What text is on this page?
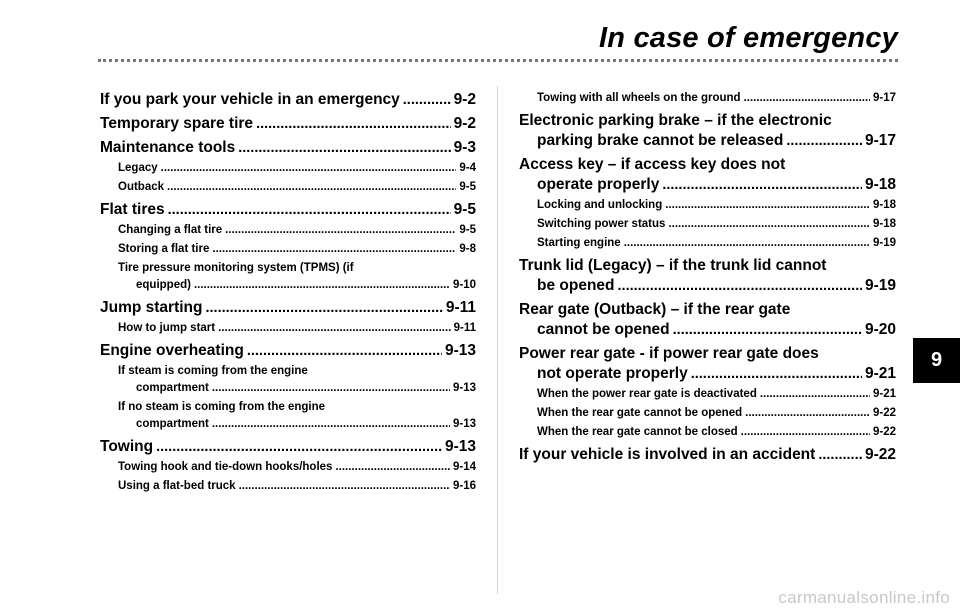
In case of emergency
If you park your vehicle in an emergency .....	9-2
Temporary spare tire .....	9-2
Maintenance tools .....	9-3
Legacy .....	9-4
Outback .....	9-5
Flat tires .....	9-5
Changing a flat tire .....	9-5
Storing a flat tire .....	9-8
Tire pressure monitoring system (TPMS) (if
equipped) .....	9-10
Jump starting .....	9-11
How to jump start .....	9-11
Engine overheating .....	9-13
If steam is coming from the engine
compartment .....	9-13
If no steam is coming from the engine
compartment .....	9-13
Towing .....	9-13
Towing hook and tie-down hooks/holes .....	9-14
Using a flat-bed truck .....	9-16
Towing with all wheels on the ground .....	9-17
Electronic parking brake – if the electronic
parking brake cannot be released .....	9-17
Access key – if access key does not
operate properly .....	9-18
Locking and unlocking .....	9-18
Switching power status .....	9-18
Starting engine .....	9-19
Trunk lid (Legacy) – if the trunk lid cannot
be opened .....	9-19
Rear gate (Outback) – if the rear gate
cannot be opened .....	9-20
Power rear gate - if power rear gate does
not operate properly .....	9-21
When the power rear gate is deactivated .....	9-21
When the rear gate cannot be opened .....	9-22
When the rear gate cannot be closed .....	9-22
If your vehicle is involved in an accident .....	9-22
9
carmanualsonline.info
